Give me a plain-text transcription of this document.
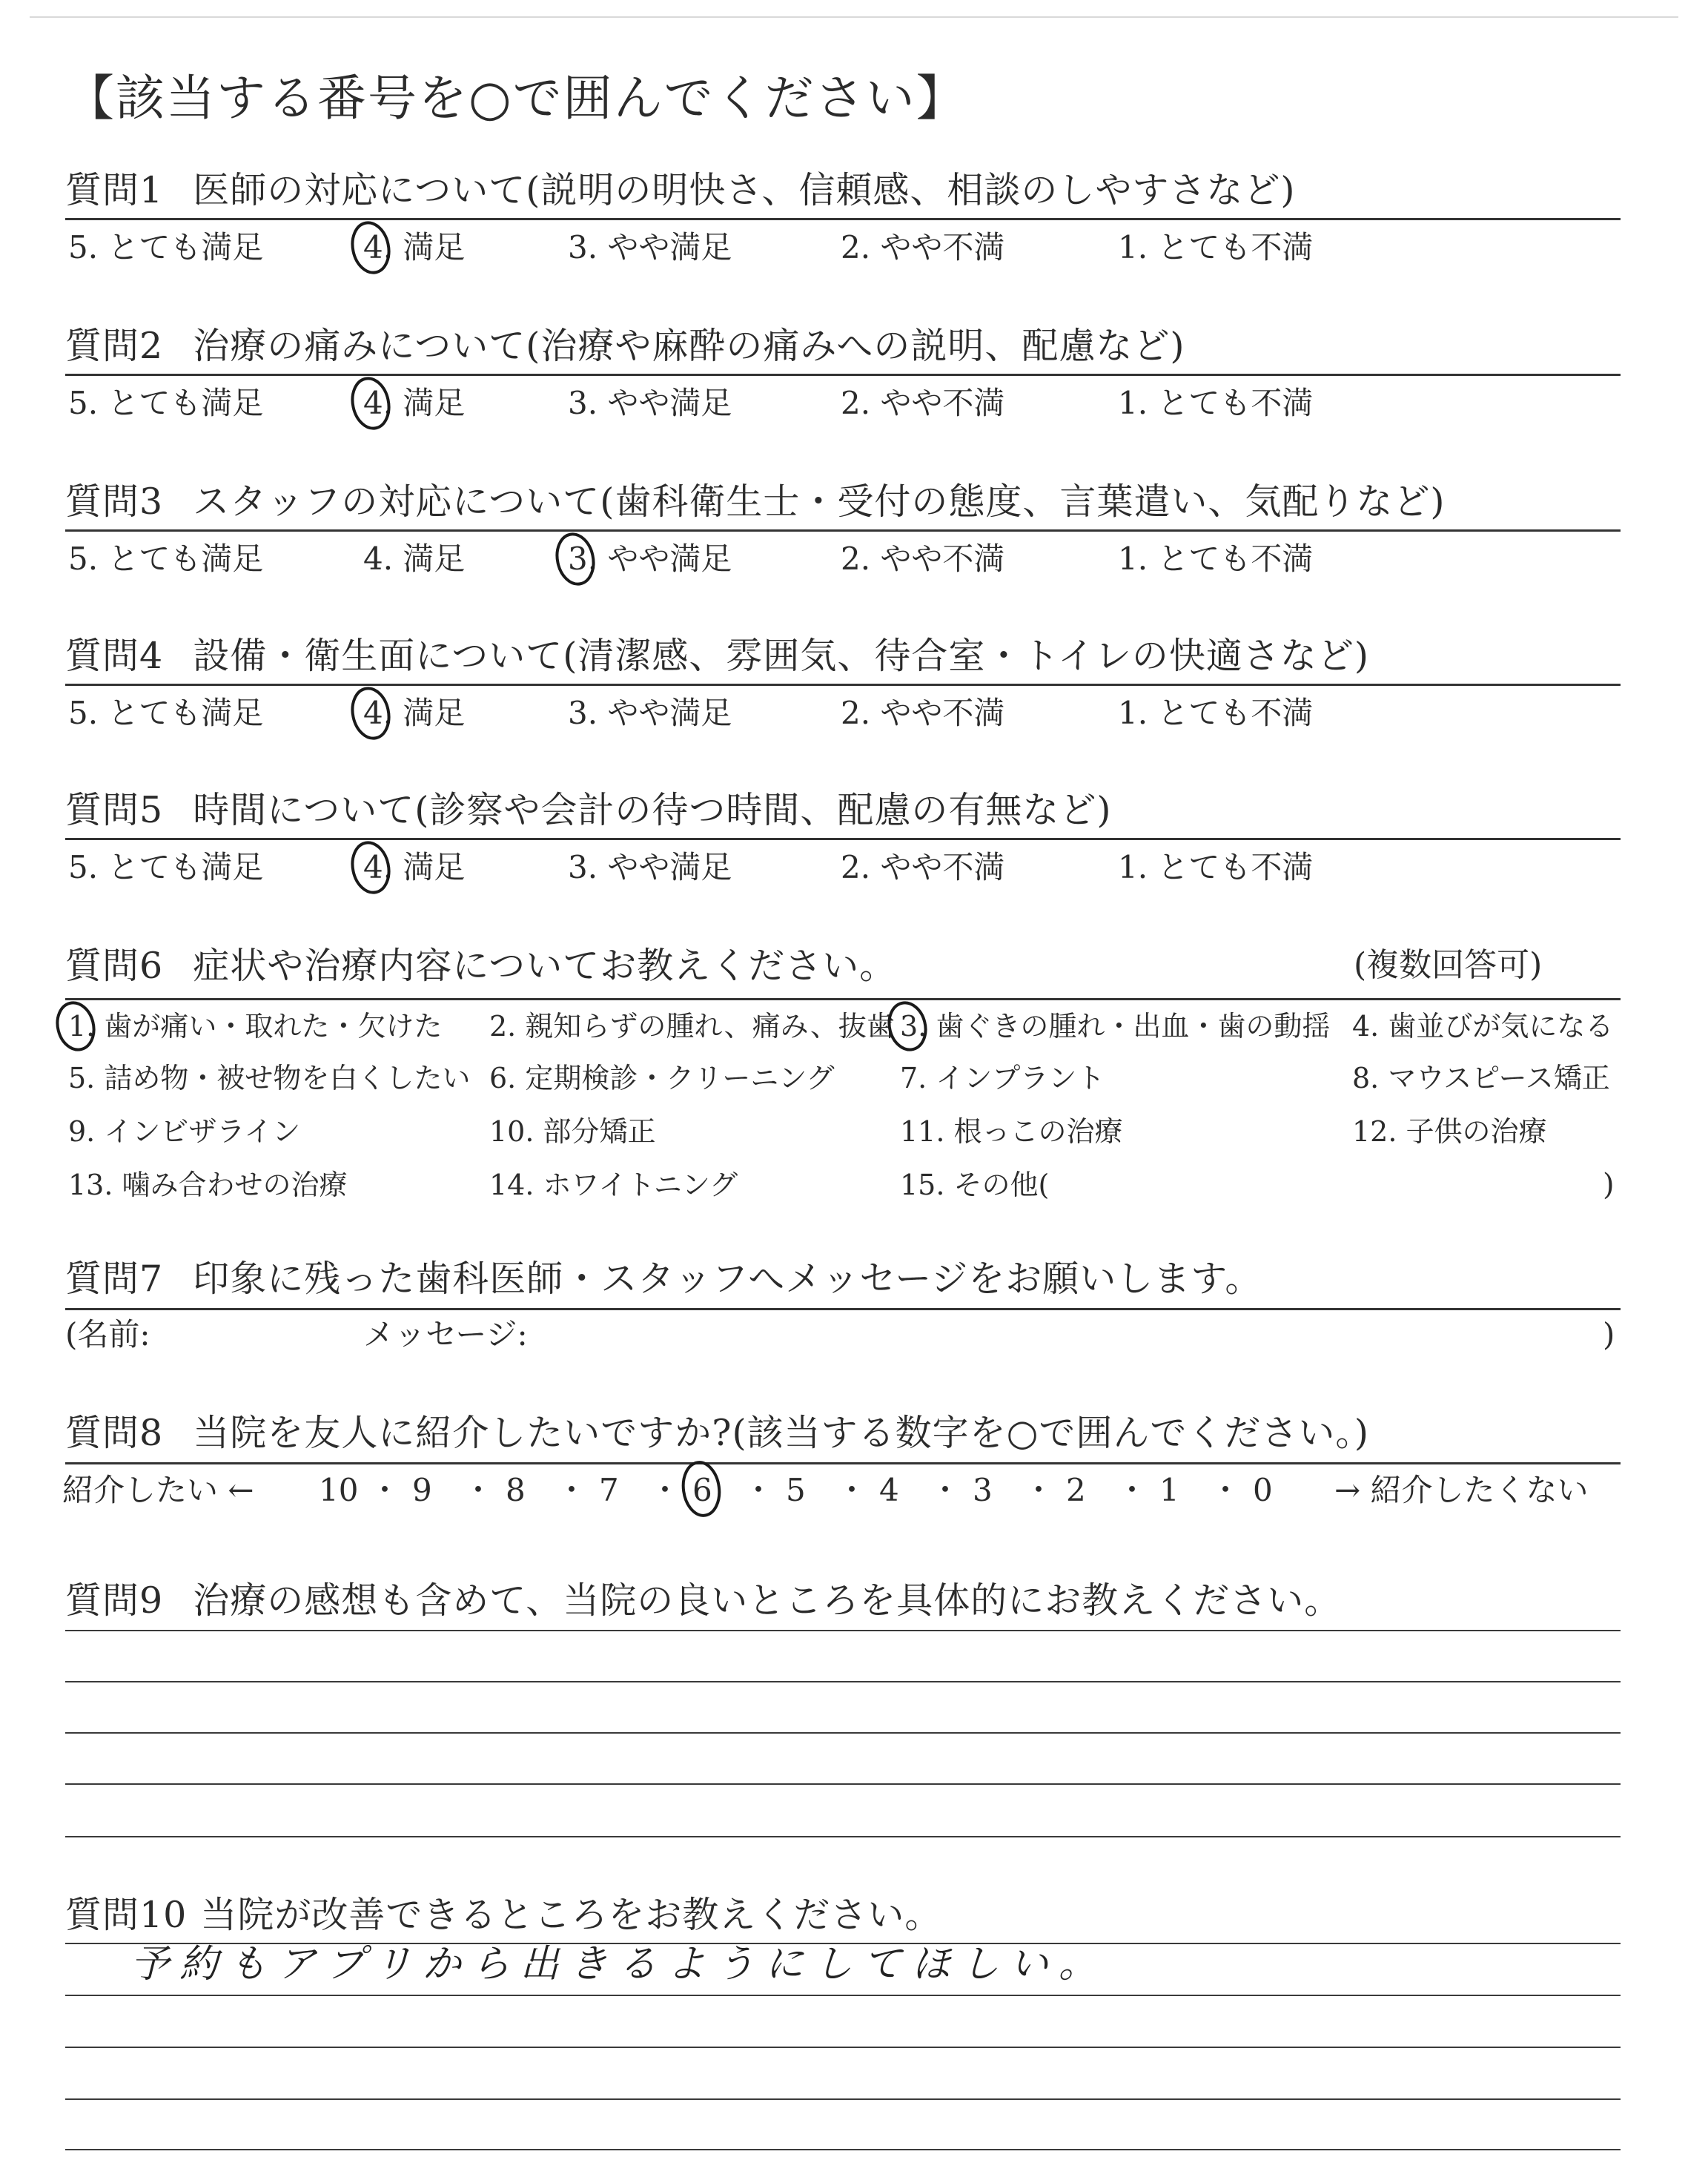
【該当する番号を○で囲んでください】
質問1 医師の対応について(説明の明快さ、信頼感、相談のしやすさなど)
5. とても満足	4. 満足	3. やや満足	2. やや不満	1. とても不満
質問2 治療の痛みについて(治療や麻酔の痛みへの説明、配慮など)
5. とても満足	4. 満足	3. やや満足	2. やや不満	1. とても不満
質問3 スタッフの対応について(歯科衛生士・受付の態度、言葉遣い、気配りなど)
5. とても満足	4. 満足	3. やや満足	2. やや不満	1. とても不満
質問4 設備・衛生面について(清潔感、雰囲気、待合室・トイレの快適さなど)
5. とても満足	4. 満足	3. やや満足	2. やや不満	1. とても不満
質問5 時間について(診察や会計の待つ時間、配慮の有無など)
5. とても満足	4. 満足	3. やや満足	2. やや不満	1. とても不満
質問6 症状や治療内容についてお教えください。	(複数回答可)
1. 歯が痛い・取れた・欠けた 2. 親知らずの腫れ、痛み、抜歯 3. 歯ぐきの腫れ・出血・歯の動揺 4. 歯並びが気になる
5. 詰め物・被せ物を白くしたい 6. 定期検診・クリーニング 7. インプラント	8. マウスピース矯正
9. インビザライン	10. 部分矯正	11. 根っこの治療	12. 子供の治療
13. 噛み合わせの治療	14. ホワイトニング	15. その他(	)
質問7 印象に残った歯科医師・スタッフへメッセージをお願いします。
(名前:	メッセージ:	)
質問8 当院を友人に紹介したいですか?(該当する数字を○で囲んでください。)
紹介したい ← 10 ・ 9 ・ 8 ・ 7 ・ 6 ・ 5 ・ 4 ・ 3 ・ 2 ・ 1 ・ 0 → 紹介したくない
質問9 治療の感想も含めて、当院の良いところを具体的にお教えください。
質問10 当院が改善できるところをお教えください。
予約もアプリから出きるようにしてほしい。
